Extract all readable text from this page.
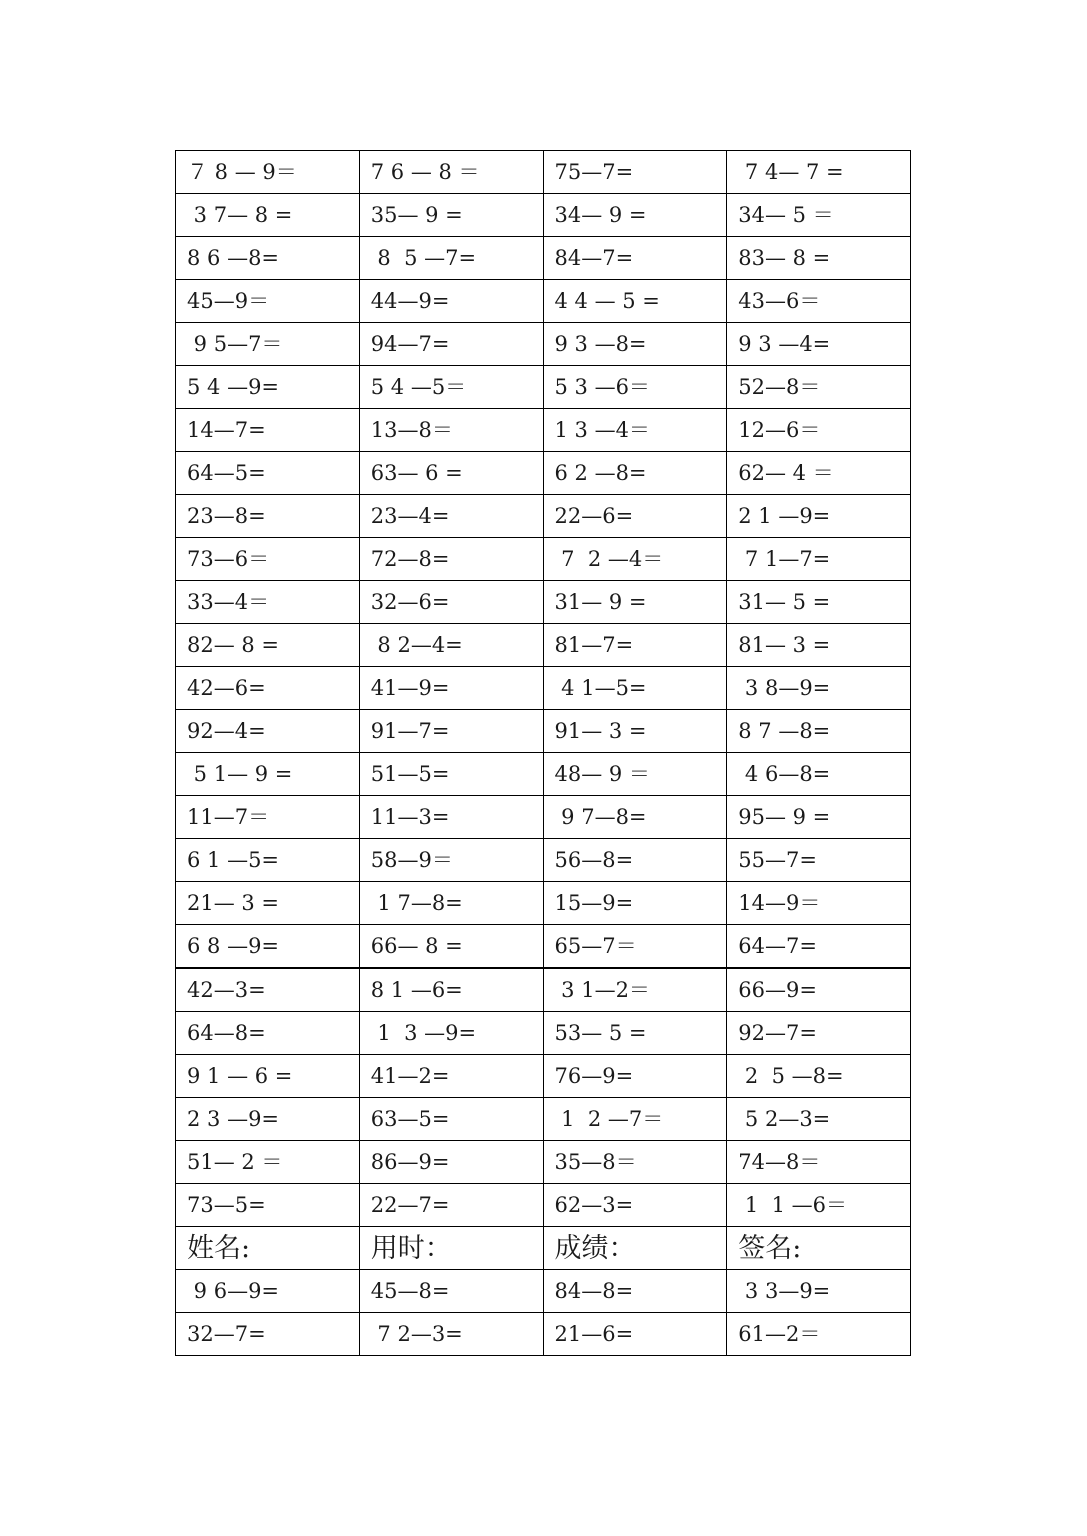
７ 8 — 9＝	7 6 — 8 ＝	75—7=	7 4— 7 =
3 7— 8 =	35— 9 =	34— 9 =	34— 5 ＝
8 6 —8=	8  5 —7=	84—7=	83— 8 =
45—9＝	44—9=	4 4 — 5 =	43—6＝
9 5—7＝	94—7=	9 3 —8=	9 3 —4=
5 4 —9=	5 4 —5＝	5 3 —6＝	52—8＝
14—7=	13—8＝	1 3 —4＝	12—6＝
64—5=	63— 6 =	6 2 —8=	62— 4 ＝
23—8=	23—4=	22—6=	2 1 —9=
73—6＝	72—8=	7  2 —4＝	7 1—7=
33—4＝	32—6=	31— 9 =	31— 5 =
82— 8 =	8 2—4=	81—7=	81— 3 =
42—6=	41—9=	4 1—5=	3 8—9=
92—4=	91—7=	91— 3 =	8 7 —8=
5 1— 9 =	51—5=	48— 9 ＝	4 6—8=
11—7＝	11—3=	9 7—8=	95— 9 =
6 1 —5=	58—9＝	56—8=	55—7=
21— 3 =	1 7—8=	15—9=	14—9＝
6 8 —9=	66— 8 =	65—7＝	64—7=
42—3=	8 1 —6=	3 1—2＝	66—9=
64—8=	1  3 —9=	53— 5 =	92—7=
9 1 — 6 =	41—2=	76—9=	2  5 —8=
2 3 —9=	63—5=	1  2 —7＝	5 2—3=
51— 2 ＝	86—9=	35—8＝	74—8＝
73—5=	22—7=	62—3=	1  1 —6＝
姓名:	用时：	成绩：	签名:
9 6—9=	45—8=	84—8=	3 3—9=
32—7=	7 2—3=	21—6=	61—2＝
